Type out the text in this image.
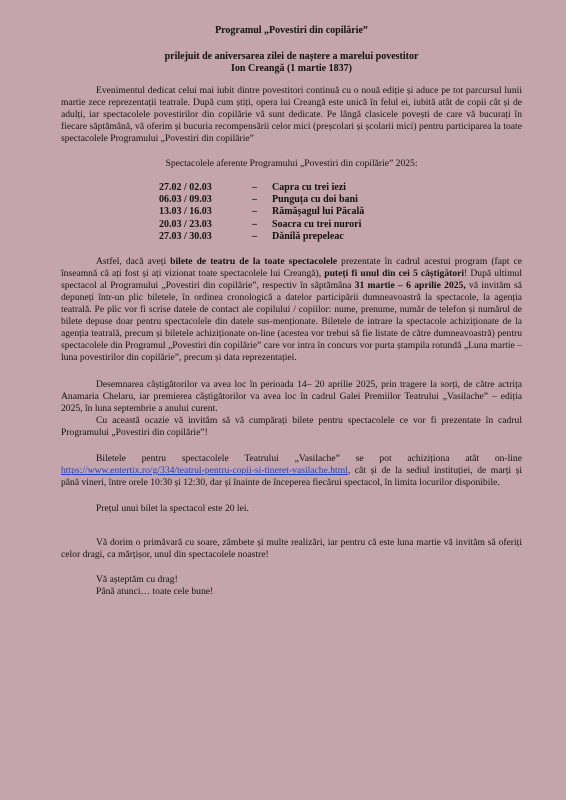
Programul „Povestiri din copilărie”
prilejuit de aniversarea zilei de naștere a marelui povestitor
Ion Creangă (1 martie 1837)

Evenimentul dedicat celui mai iubit dintre povestitori continuă cu o nouă ediție și aduce pe tot parcursul lunii martie zece reprezentații teatrale. După cum știți, opera lui Creangă este unică în felul ei, iubită atât de copii cât și de adulți, iar spectacolele povestirilor din copilărie vă sunt dedicate. Pe lângă clasicele povești de care vă bucurați în fiecare săptămână, vă oferim și bucuria recompensării celor mici (preșcolari și școlarii mici) pentru participarea la toate spectacolele Programului „Povestiri din copilărie”

Spectacolele aferente Programului „Povestiri din copilărie” 2025:

27.02 / 02.03	–	Capra cu trei iezi
06.03 / 09.03	–	Punguța cu doi bani
13.03 / 16.03	–	Rămășagul lui Păcală
20.03 / 23.03	–	Soacra cu trei nurori
27.03 / 30.03	–	Dănilă prepeleac

Astfel, dacă aveți bilete de teatru de la toate spectacolele prezentate în cadrul acestui program (fapt ce înseamnă că ați fost și ați vizionat toate spectacolele lui Creangă), puteți fi unul din cei 5 câștigători! După ultimul spectacol al Programului „Povestiri din copilărie”, respectiv în săptămâna 31 martie – 6 aprilie 2025, vă invităm să depuneți într-un plic biletele, în ordinea cronologică a datelor participării dumneavoastră la spectacole, la agenția teatrală. Pe plic vor fi scrise datele de contact ale copilului / copiilor: nume, prenume, număr de telefon și numărul de bilete depuse doar pentru spectacolele din datele sus-menționate. Biletele de intrare la spectacole achiziționate de la agenția teatrală, precum și biletele achiziționate on-line (acestea vor trebui să fie listate de către dumneavoastră) pentru spectacolele din Programul „Povestiri din copilărie” care vor intra în concurs vor purta ștampila rotundă „Luna martie – luna povestirilor din copilărie”, precum și data reprezentației.

Desemnarea câștigătorilor va avea loc în perioada 14– 20 aprilie 2025, prin tragere la sorți, de către actrița Anamaria Chelaru, iar premierea câștigătorilor va avea loc în cadrul Galei Premiilor Teatrului „Vasilache” – ediția 2025, în luna septembrie a anului curent.

Cu această ocazie vă invităm să vă cumpărați bilete pentru spectacolele ce vor fi prezentate în cadrul Programului „Povestiri din copilărie”!

Biletele pentru spectacolele Teatrului „Vasilache” se pot achiziționa atât on-line https://www.entertix.ro/g/334/teatrul-pentru-copii-si-tineret-vasilache.html, cât și de la sediul instituției, de marți și până vineri, între orele 10:30 și 12:30, dar și înainte de începerea fiecărui spectacol, în limita locurilor disponibile.

Prețul unui bilet la spectacol este 20 lei.

Vă dorim o primăvară cu soare, zâmbete și multe realizări, iar pentru că este luna martie vă invităm să oferiți celor dragi, ca mărțișor, unul din spectacolele noastre!

Vă așteptăm cu drag!

Până atunci… toate cele bune!
